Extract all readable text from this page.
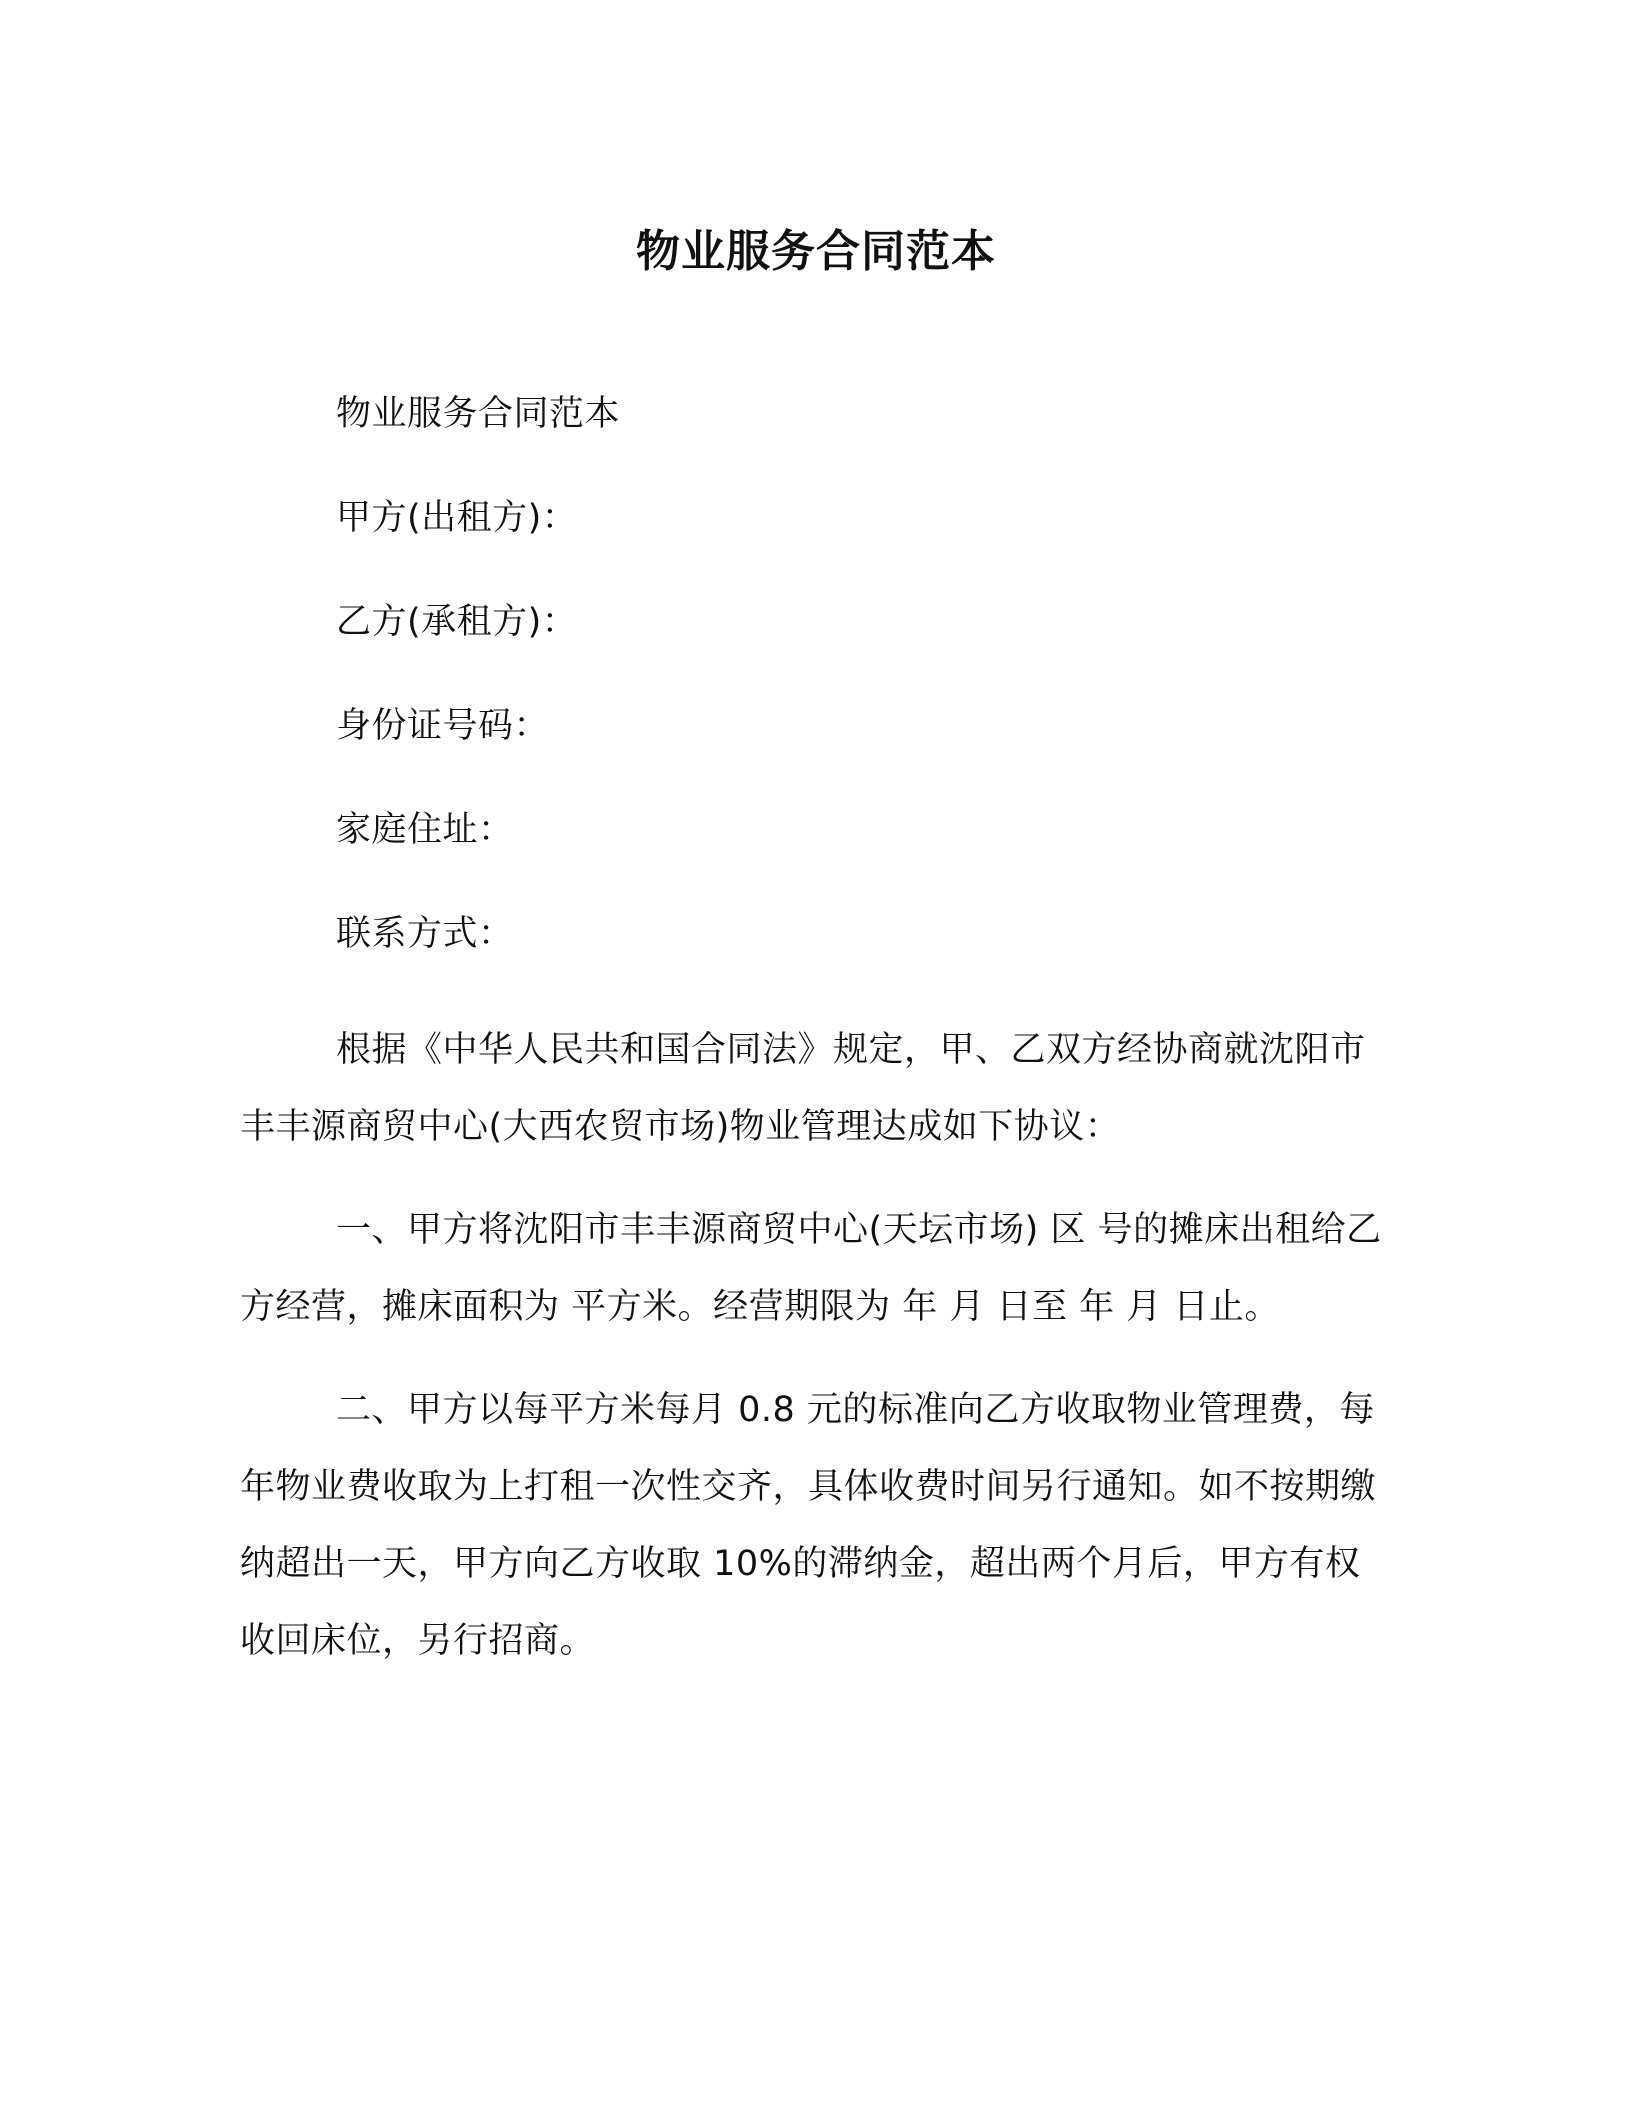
物业服务合同范本

物业服务合同范本

甲方(出租方)：

乙方(承租方)：

身份证号码：

家庭住址：

联系方式：

根据《中华人民共和国合同法》规定，甲、乙双方经协商就沈阳市丰丰源商贸中心(大西农贸市场)物业管理达成如下协议：

一、甲方将沈阳市丰丰源商贸中心(天坛市场) 区 号的摊床出租给乙方经营，摊床面积为 平方米。经营期限为 年 月 日至 年 月 日止。

二、甲方以每平方米每月 0.8 元的标准向乙方收取物业管理费，每年物业费收取为上打租一次性交齐，具体收费时间另行通知。如不按期缴纳超出一天，甲方向乙方收取 10%的滞纳金，超出两个月后，甲方有权收回床位，另行招商。
